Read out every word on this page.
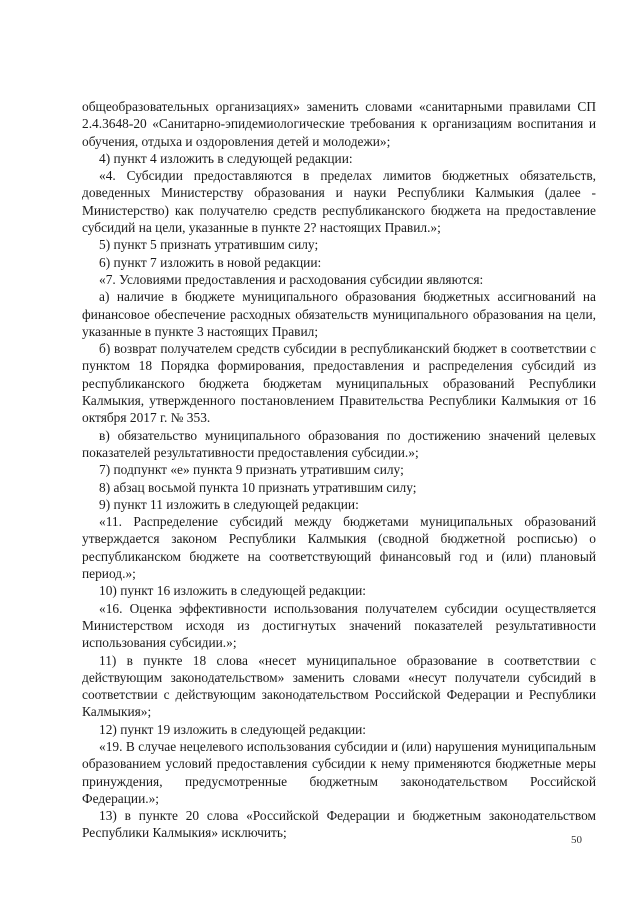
общеобразовательных организациях» заменить словами «санитарными правилами СП 2.4.3648-20 «Санитарно-эпидемиологические требования к организациям воспитания и обучения, отдыха и оздоровления детей и молодежи»;

4) пункт 4 изложить в следующей редакции:

«4. Субсидии предоставляются в пределах лимитов бюджетных обязательств, доведенных Министерству образования и науки Республики Калмыкия (далее - Министерство) как получателю средств республиканского бюджета на предоставление субсидий на цели, указанные в пункте 2? настоящих Правил.»;

5) пункт 5 признать утратившим силу;

6) пункт 7 изложить в новой редакции:

«7. Условиями предоставления и расходования субсидии являются:

а) наличие в бюджете муниципального образования бюджетных ассигнований на финансовое обеспечение расходных обязательств муниципального образования на цели, указанные в пункте 3 настоящих Правил;

б) возврат получателем средств субсидии в республиканский бюджет в соответствии с пунктом 18 Порядка формирования, предоставления и распределения субсидий из республиканского бюджета бюджетам муниципальных образований Республики Калмыкия, утвержденного постановлением Правительства Республики Калмыкия от 16 октября 2017 г. № 353.

в) обязательство муниципального образования по достижению значений целевых показателей результативности предоставления субсидии.»;

7) подпункт «е» пункта 9 признать утратившим силу;

8) абзац восьмой пункта 10 признать утратившим силу;

9) пункт 11 изложить в следующей редакции:

«11. Распределение субсидий между бюджетами муниципальных образований утверждается законом Республики Калмыкия (сводной бюджетной росписью) о республиканском бюджете на соответствующий финансовый год и (или) плановый период.»;

10) пункт 16 изложить в следующей редакции:

«16. Оценка эффективности использования получателем субсидии осуществляется Министерством исходя из достигнутых значений показателей результативности использования субсидии.»;

11) в пункте 18 слова «несет муниципальное образование в соответствии с действующим законодательством» заменить словами «несут получатели субсидий в соответствии с действующим законодательством Российской Федерации и Республики Калмыкия»;

12) пункт 19 изложить в следующей редакции:

«19. В случае нецелевого использования субсидии и (или) нарушения муниципальным образованием условий предоставления субсидии к нему применяются бюджетные меры принуждения, предусмотренные бюджетным законодательством Российской Федерации.»;

13) в пункте 20 слова «Российской Федерации и бюджетным законодательством Республики Калмыкия» исключить;	50
